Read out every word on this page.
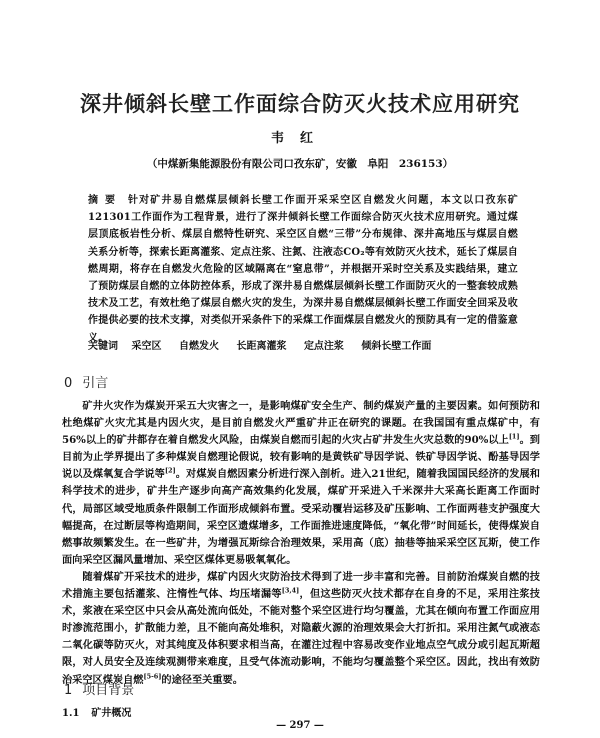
深井倾斜长壁工作面综合防灭火技术应用研究
韦红
（中煤新集能源股份有限公司口孜东矿，安徽　阜阳　236153）
摘要 针对矿井易自燃煤层倾斜长壁工作面开采采空区自燃发火问题，本文以口孜东矿121301工作面作为工程背景，进行了深井倾斜长壁工作面综合防灭火技术应用研究。通过煤层顶底板岩性分析、煤层自燃特性研究、采空区自燃“三带”分布规律、深井高地压与煤层自燃关系分析等，探索长距离灌浆、定点注浆、注氮、注液态CO₂等有效防灭火技术，延长了煤层自燃周期，将存在自燃发火危险的区域隔离在“窒息带”，并根据开采时空关系及实践结果，建立了预防煤层自燃的立体防控体系，形成了深井易自燃煤层倾斜长壁工作面防灭火的一整套较成熟技术及工艺，有效杜绝了煤层自燃火灾的发生，为深井易自燃煤层倾斜长壁工作面安全回采及收作提供必要的技术支撑，对类似开采条件下的采煤工作面煤层自燃发火的预防具有一定的借鉴意义。
关键词 采空区 自燃发火 长距离灌浆 定点注浆 倾斜长壁工作面
0 引言

矿井火灾作为煤炭开采五大灾害之一，是影响煤矿安全生产、制约煤炭产量的主要因素。如何预防和杜绝煤矿火灾尤其是内因火灾，是目前自燃发火严重矿井正在研究的课题。在我国国有重点煤矿中，有56%以上的矿井都存在着自燃发火风险，由煤炭自燃而引起的火灾占矿井发生火灾总数的90%以上[1]。到目前为止学界提出了多种煤炭自燃理论假说，较有影响的是黄铁矿导因学说、铁矿导因学说、酚基导因学说以及煤氧复合学说等[2]。对煤炭自燃因素分析进行深入剖析。进入21世纪，随着我国国民经济的发展和科学技术的进步，矿井生产逐步向高产高效集约化发展，煤矿开采进入千米深井大采高长距离工作面时代，局部区域受地质条件限制工作面形成倾斜布置。受采动覆岩运移及矿压影响、工作面两巷支护强度大幅提高，在过断层等构造期间，采空区遗煤增多，工作面推进速度降低，“氧化带”时间延长，使得煤炭自燃事故频繁发生。在一些矿井，为增强瓦斯综合治理效果，采用高（底）抽巷等抽采采空区瓦斯，使工作面向采空区漏风量增加、采空区煤体更易吸氧氧化。

随着煤矿开采技术的进步，煤矿内因火灾防治技术得到了进一步丰富和完善。目前防治煤炭自燃的技术措施主要包括灌浆、注惰性气体、均压堵漏等[3,4]，但这些防灭火技术都存在自身的不足，采用注浆技术，浆液在采空区中只会从高处流向低处，不能对整个采空区进行均匀覆盖，尤其在倾向布置工作面应用时渗流范围小，扩散能力差，且不能向高处堆积，对隐蔽火源的治理效果会大打折扣。采用注氮气或液态二氧化碳等防灭火，对其纯度及体积要求相当高，在灌注过程中容易改变作业地点空气成分或引起瓦斯超限，对人员安全及连续观测带来难度，且受气体流动影响，不能均匀覆盖整个采空区。因此，找出有效防治采空区煤炭自燃[5-6]的途径至关重要。

1 项目背景
1.1 矿井概况
— 297 —
